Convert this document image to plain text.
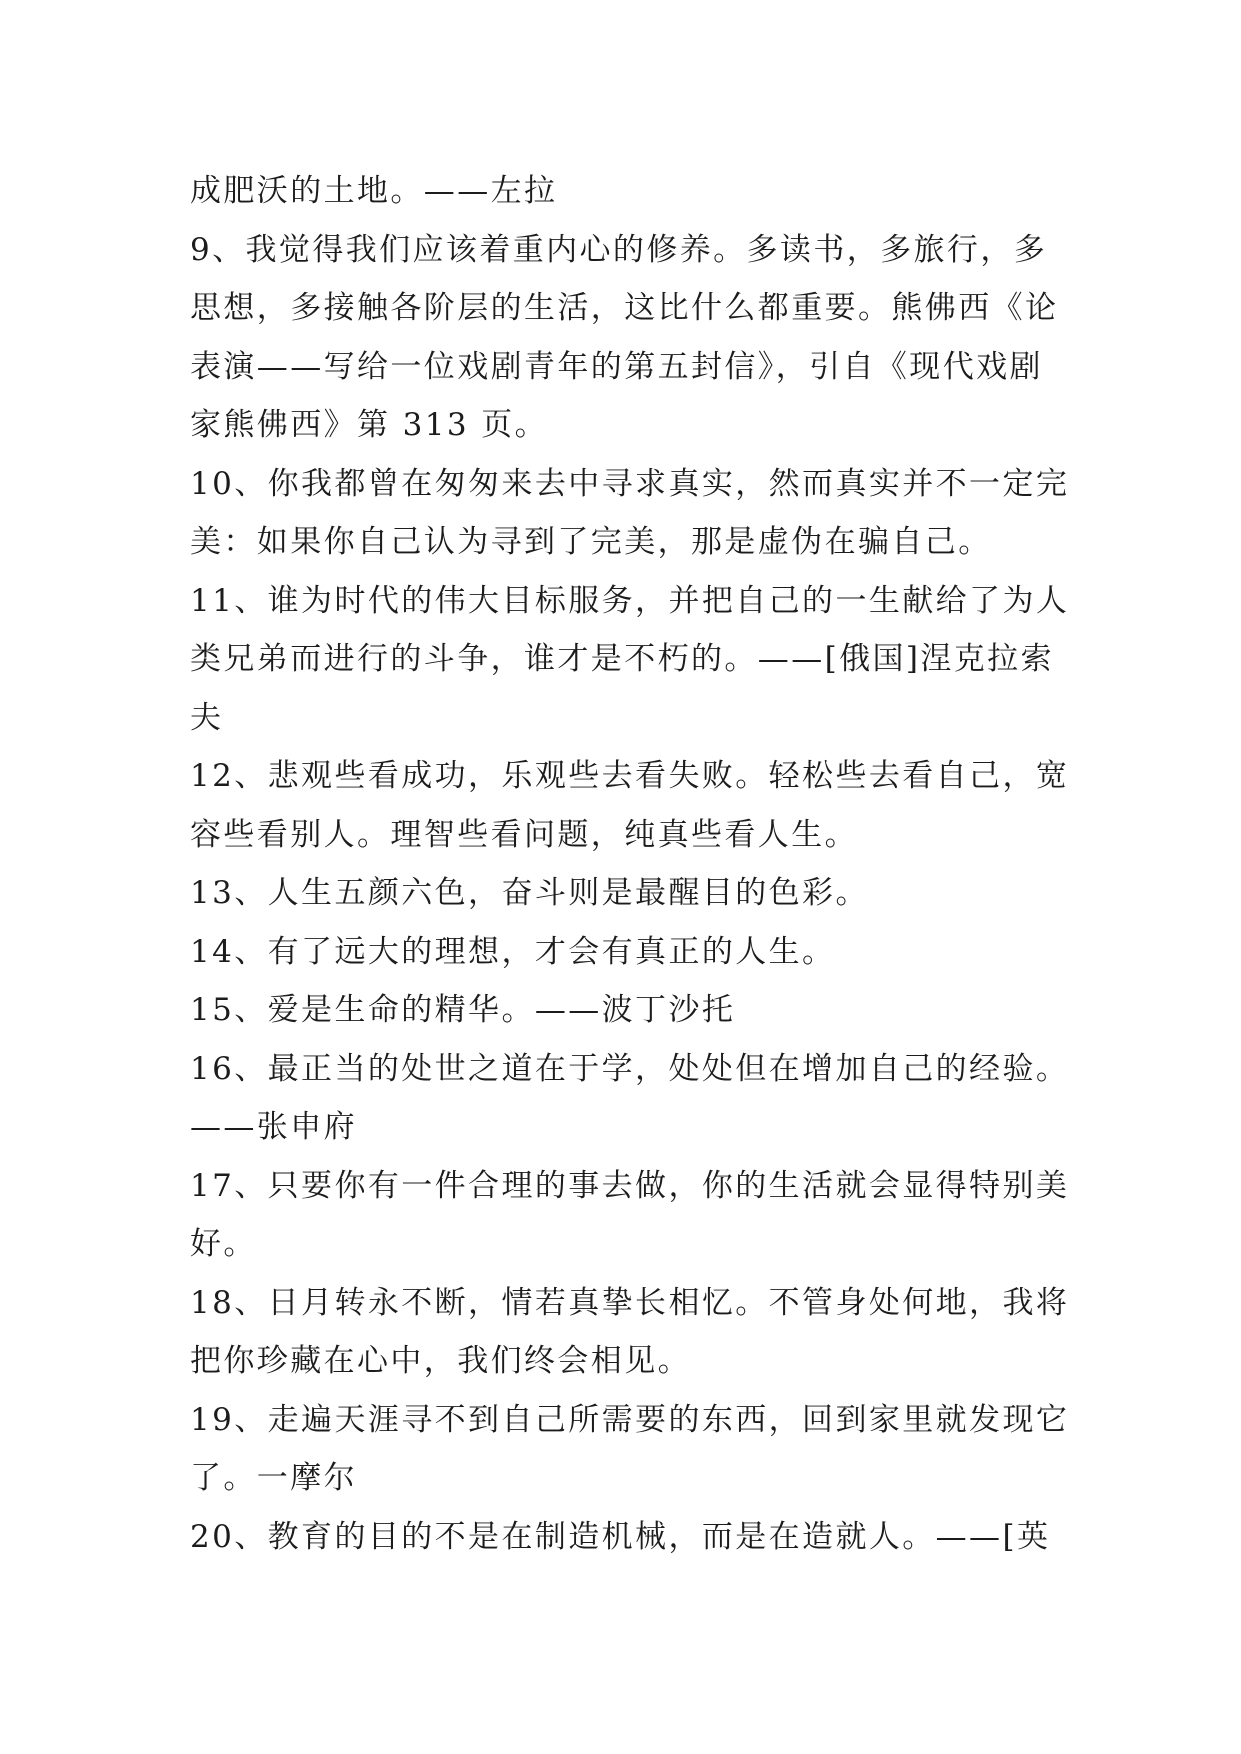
成肥沃的土地。——左拉
9、我觉得我们应该着重内心的修养。多读书，多旅行，多
思想，多接触各阶层的生活，这比什么都重要。熊佛西《论
表演——写给一位戏剧青年的第五封信》，引自《现代戏剧
家熊佛西》第 313 页。
10、你我都曾在匆匆来去中寻求真实，然而真实并不一定完
美：如果你自己认为寻到了完美，那是虚伪在骗自己。
11、谁为时代的伟大目标服务，并把自己的一生献给了为人
类兄弟而进行的斗争，谁才是不朽的。——[俄国]涅克拉索
夫
12、悲观些看成功，乐观些去看失败。轻松些去看自己，宽
容些看别人。理智些看问题，纯真些看人生。
13、人生五颜六色，奋斗则是最醒目的色彩。
14、有了远大的理想，才会有真正的人生。
15、爱是生命的精华。——波丁沙托
16、最正当的处世之道在于学，处处但在增加自己的经验。
——张申府
17、只要你有一件合理的事去做，你的生活就会显得特别美
好。
18、日月转永不断，情若真挚长相忆。不管身处何地，我将
把你珍藏在心中，我们终会相见。
19、走遍天涯寻不到自己所需要的东西，回到家里就发现它
了。一摩尔
20、教育的目的不是在制造机械，而是在造就人。——[英
